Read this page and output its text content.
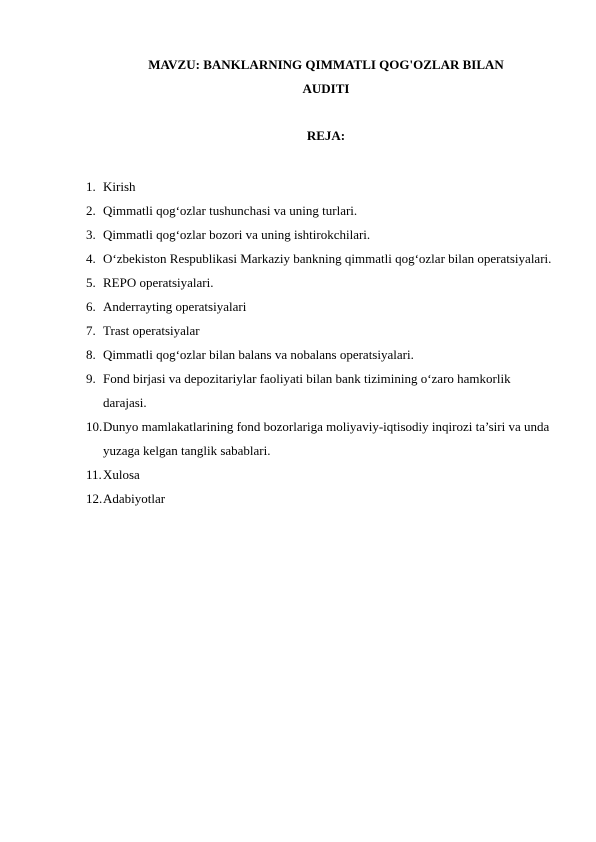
MAVZU: BANKLARNING QIMMATLI QOG'OZLAR BILAN

AUDITI

REJA:

1. Kirish
2. Qimmatli qog‘ozlar tushunchasi va uning turlari.
3. Qimmatli qog‘ozlar bozori va uning ishtirokchilari.
4. O‘zbekiston Respublikasi Markaziy bankning qimmatli qog‘ozlar bilan operatsiyalari.
5. REPO operatsiyalari.
6. Anderrayting operatsiyalari
7. Trast operatsiyalar
8. Qimmatli qog‘ozlar bilan balans va nobalans operatsiyalari.
9. Fond birjasi va depozitariylar faoliyati bilan bank tizimining o‘zaro hamkorlik darajasi.
10. Dunyo mamlakatlarining fond bozorlariga moliyaviy-iqtisodiy inqirozi ta’siri va unda yuzaga kelgan tanglik sabablari.
11. Xulosa
12. Adabiyotlar
